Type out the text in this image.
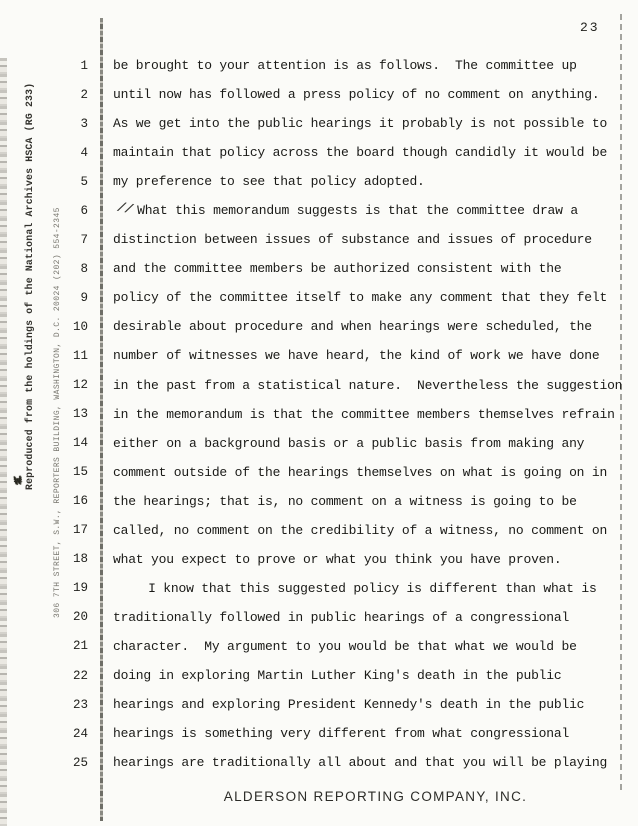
23
₩ Reproduced from the holdings of the National Archives HSCA (RG 233) 306 7TH STREET, S.W., REPORTERS BUILDING, WASHINGTON, D.C. 20024 (202) 554-2345
1 be brought to your attention is as follows.  The committee up
2 until now has followed a press policy of no comment on anything.
3 As we get into the public hearings it probably is not possible to
4 maintain that policy across the board though candidly it would be
5 my preference to see that policy adopted.
6 // What this memorandum suggests is that the committee draw a
7 distinction between issues of substance and issues of procedure
8 and the committee members be authorized consistent with the
9 policy of the committee itself to make any comment that they felt
10 desirable about procedure and when hearings were scheduled, the
11 number of witnesses we have heard, the kind of work we have done
12 in the past from a statistical nature.  Nevertheless the suggestion
13 in the memorandum is that the committee members themselves refrain
14 either on a background basis or a public basis from making any
15 comment outside of the hearings themselves on what is going on in
16 the hearings; that is, no comment on a witness is going to be
17 called, no comment on the credibility of a witness, no comment on
18 what you expect to prove or what you think you have proven.
19	I know that this suggested policy is different than what is
20 traditionally followed in public hearings of a congressional
21 character.  My argument to you would be that what we would be
22 doing in exploring Martin Luther King's death in the public
23 hearings and exploring President Kennedy's death in the public
24 hearings is something very different from what congressional
25 hearings are traditionally all about and that you will be playing
ALDERSON REPORTING COMPANY, INC.
